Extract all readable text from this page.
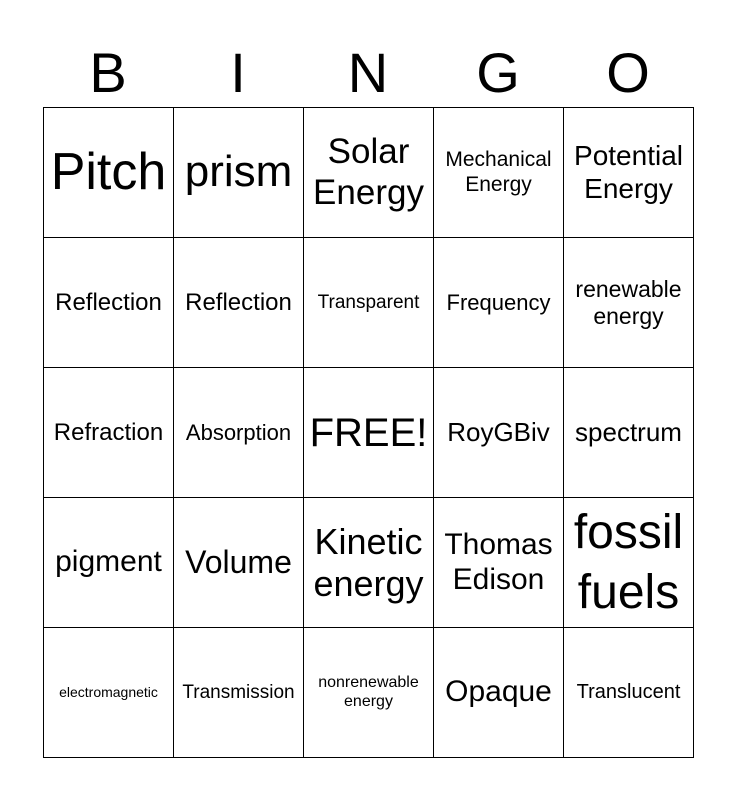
B	I	N	G	O
Pitch	prism	Solar Energy	Mechanical Energy	Potential Energy
Reflection	Reflection	Transparent	Frequency	renewable energy
Refraction	Absorption	FREE!	RoyGBiv	spectrum
pigment	Volume	Kinetic energy	Thomas Edison	fossil fuels
electromagnetic	Transmission	nonrenewable energy	Opaque	Translucent
